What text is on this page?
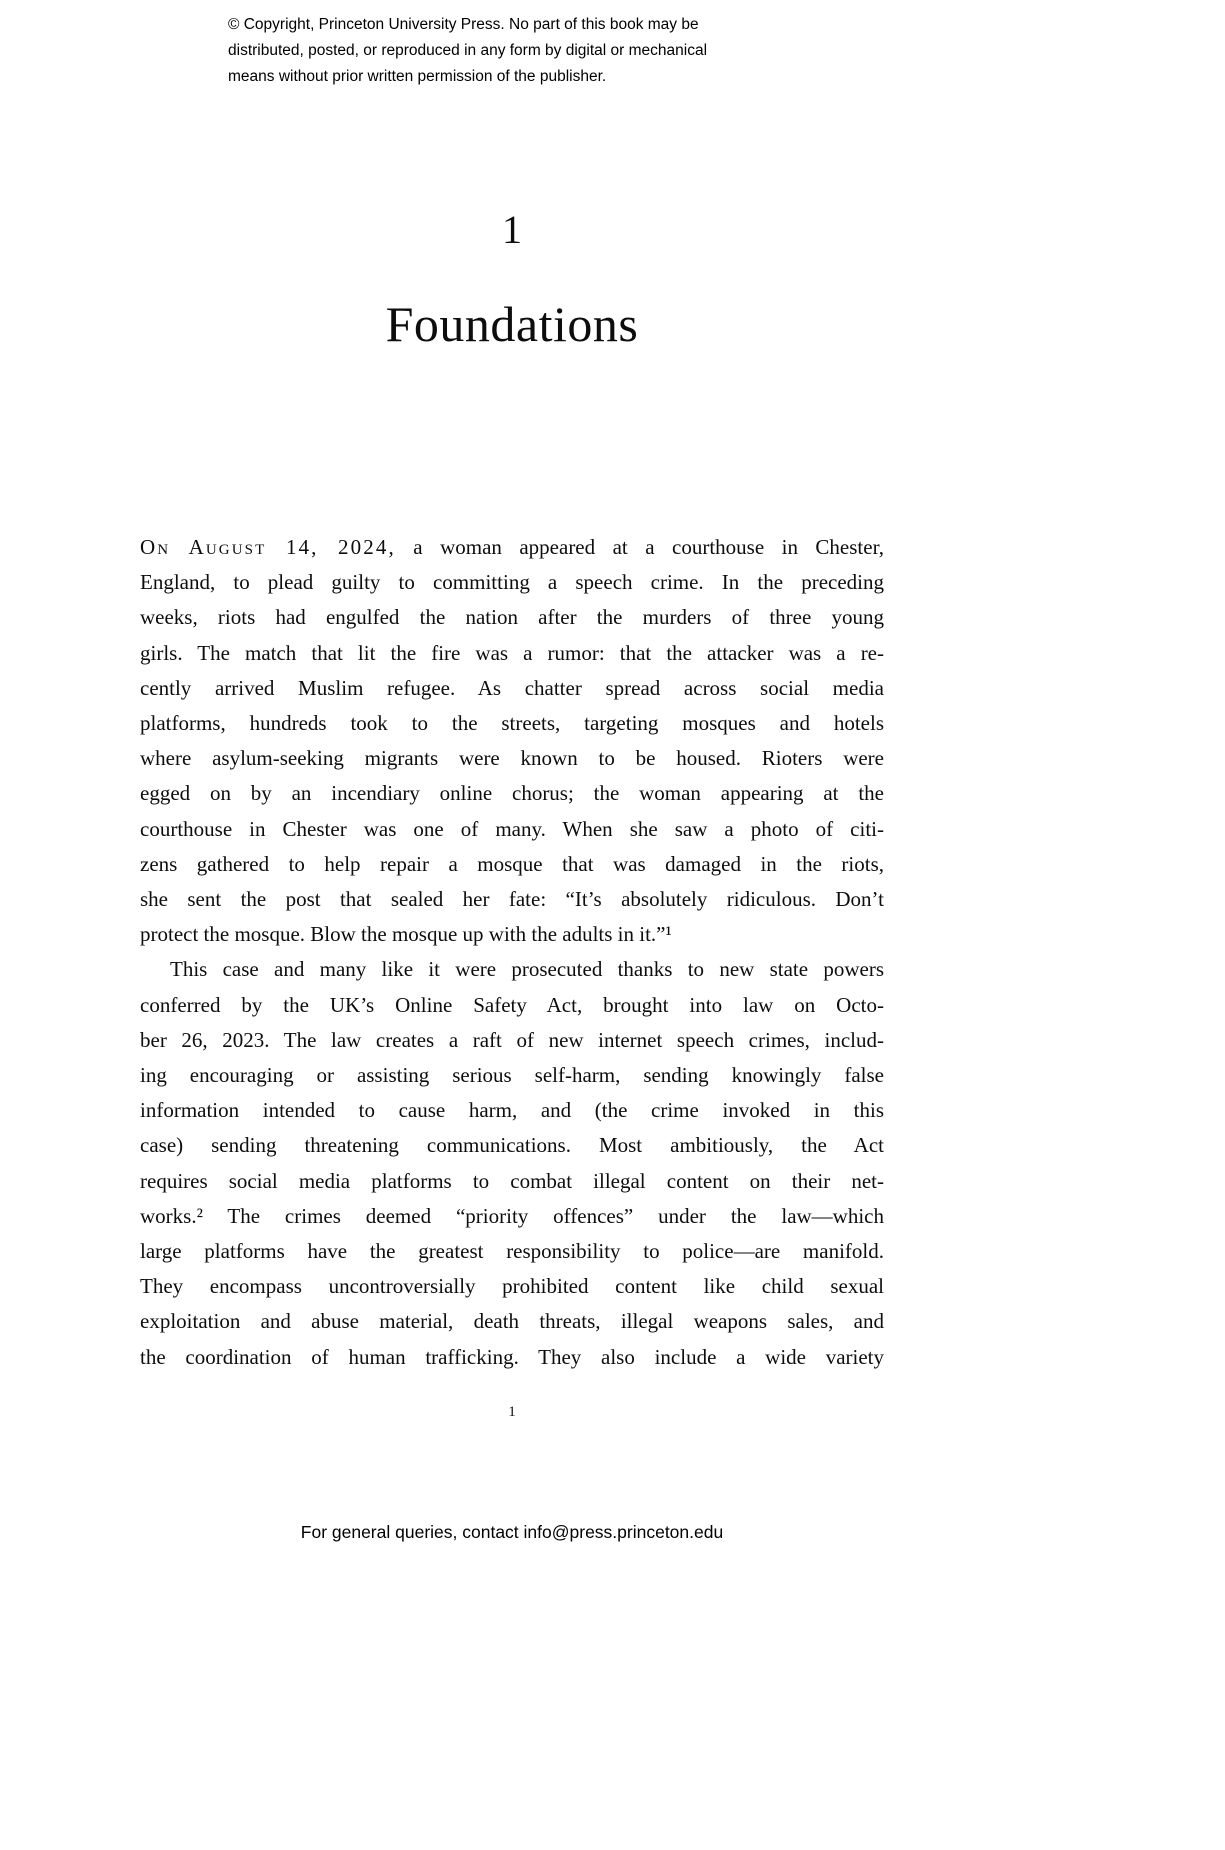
© Copyright, Princeton University Press. No part of this book may be
distributed, posted, or reproduced in any form by digital or mechanical
means without prior written permission of the publisher.
1
Foundations
On August 14, 2024, a woman appeared at a courthouse in Chester,
England, to plead guilty to committing a speech crime. In the preceding
weeks, riots had engulfed the nation after the murders of three young
girls. The match that lit the fire was a rumor: that the attacker was a re-
cently arrived Muslim refugee. As chatter spread across social media
platforms, hundreds took to the streets, targeting mosques and hotels
where asylum-seeking migrants were known to be housed. Rioters were
egged on by an incendiary online chorus; the woman appearing at the
courthouse in Chester was one of many. When she saw a photo of citi-
zens gathered to help repair a mosque that was damaged in the riots,
she sent the post that sealed her fate: “It’s absolutely ridiculous. Don’t
protect the mosque. Blow the mosque up with the adults in it.”¹
This case and many like it were prosecuted thanks to new state powers
conferred by the UK’s Online Safety Act, brought into law on Octo-
ber 26, 2023. The law creates a raft of new internet speech crimes, includ-
ing encouraging or assisting serious self-harm, sending knowingly false
information intended to cause harm, and (the crime invoked in this
case) sending threatening communications. Most ambitiously, the Act
requires social media platforms to combat illegal content on their net-
works.² The crimes deemed “priority offences” under the law—which
large platforms have the greatest responsibility to police—are manifold.
They encompass uncontroversially prohibited content like child sexual
exploitation and abuse material, death threats, illegal weapons sales, and
the coordination of human trafficking. They also include a wide variety
1
For general queries, contact info@press.princeton.edu
